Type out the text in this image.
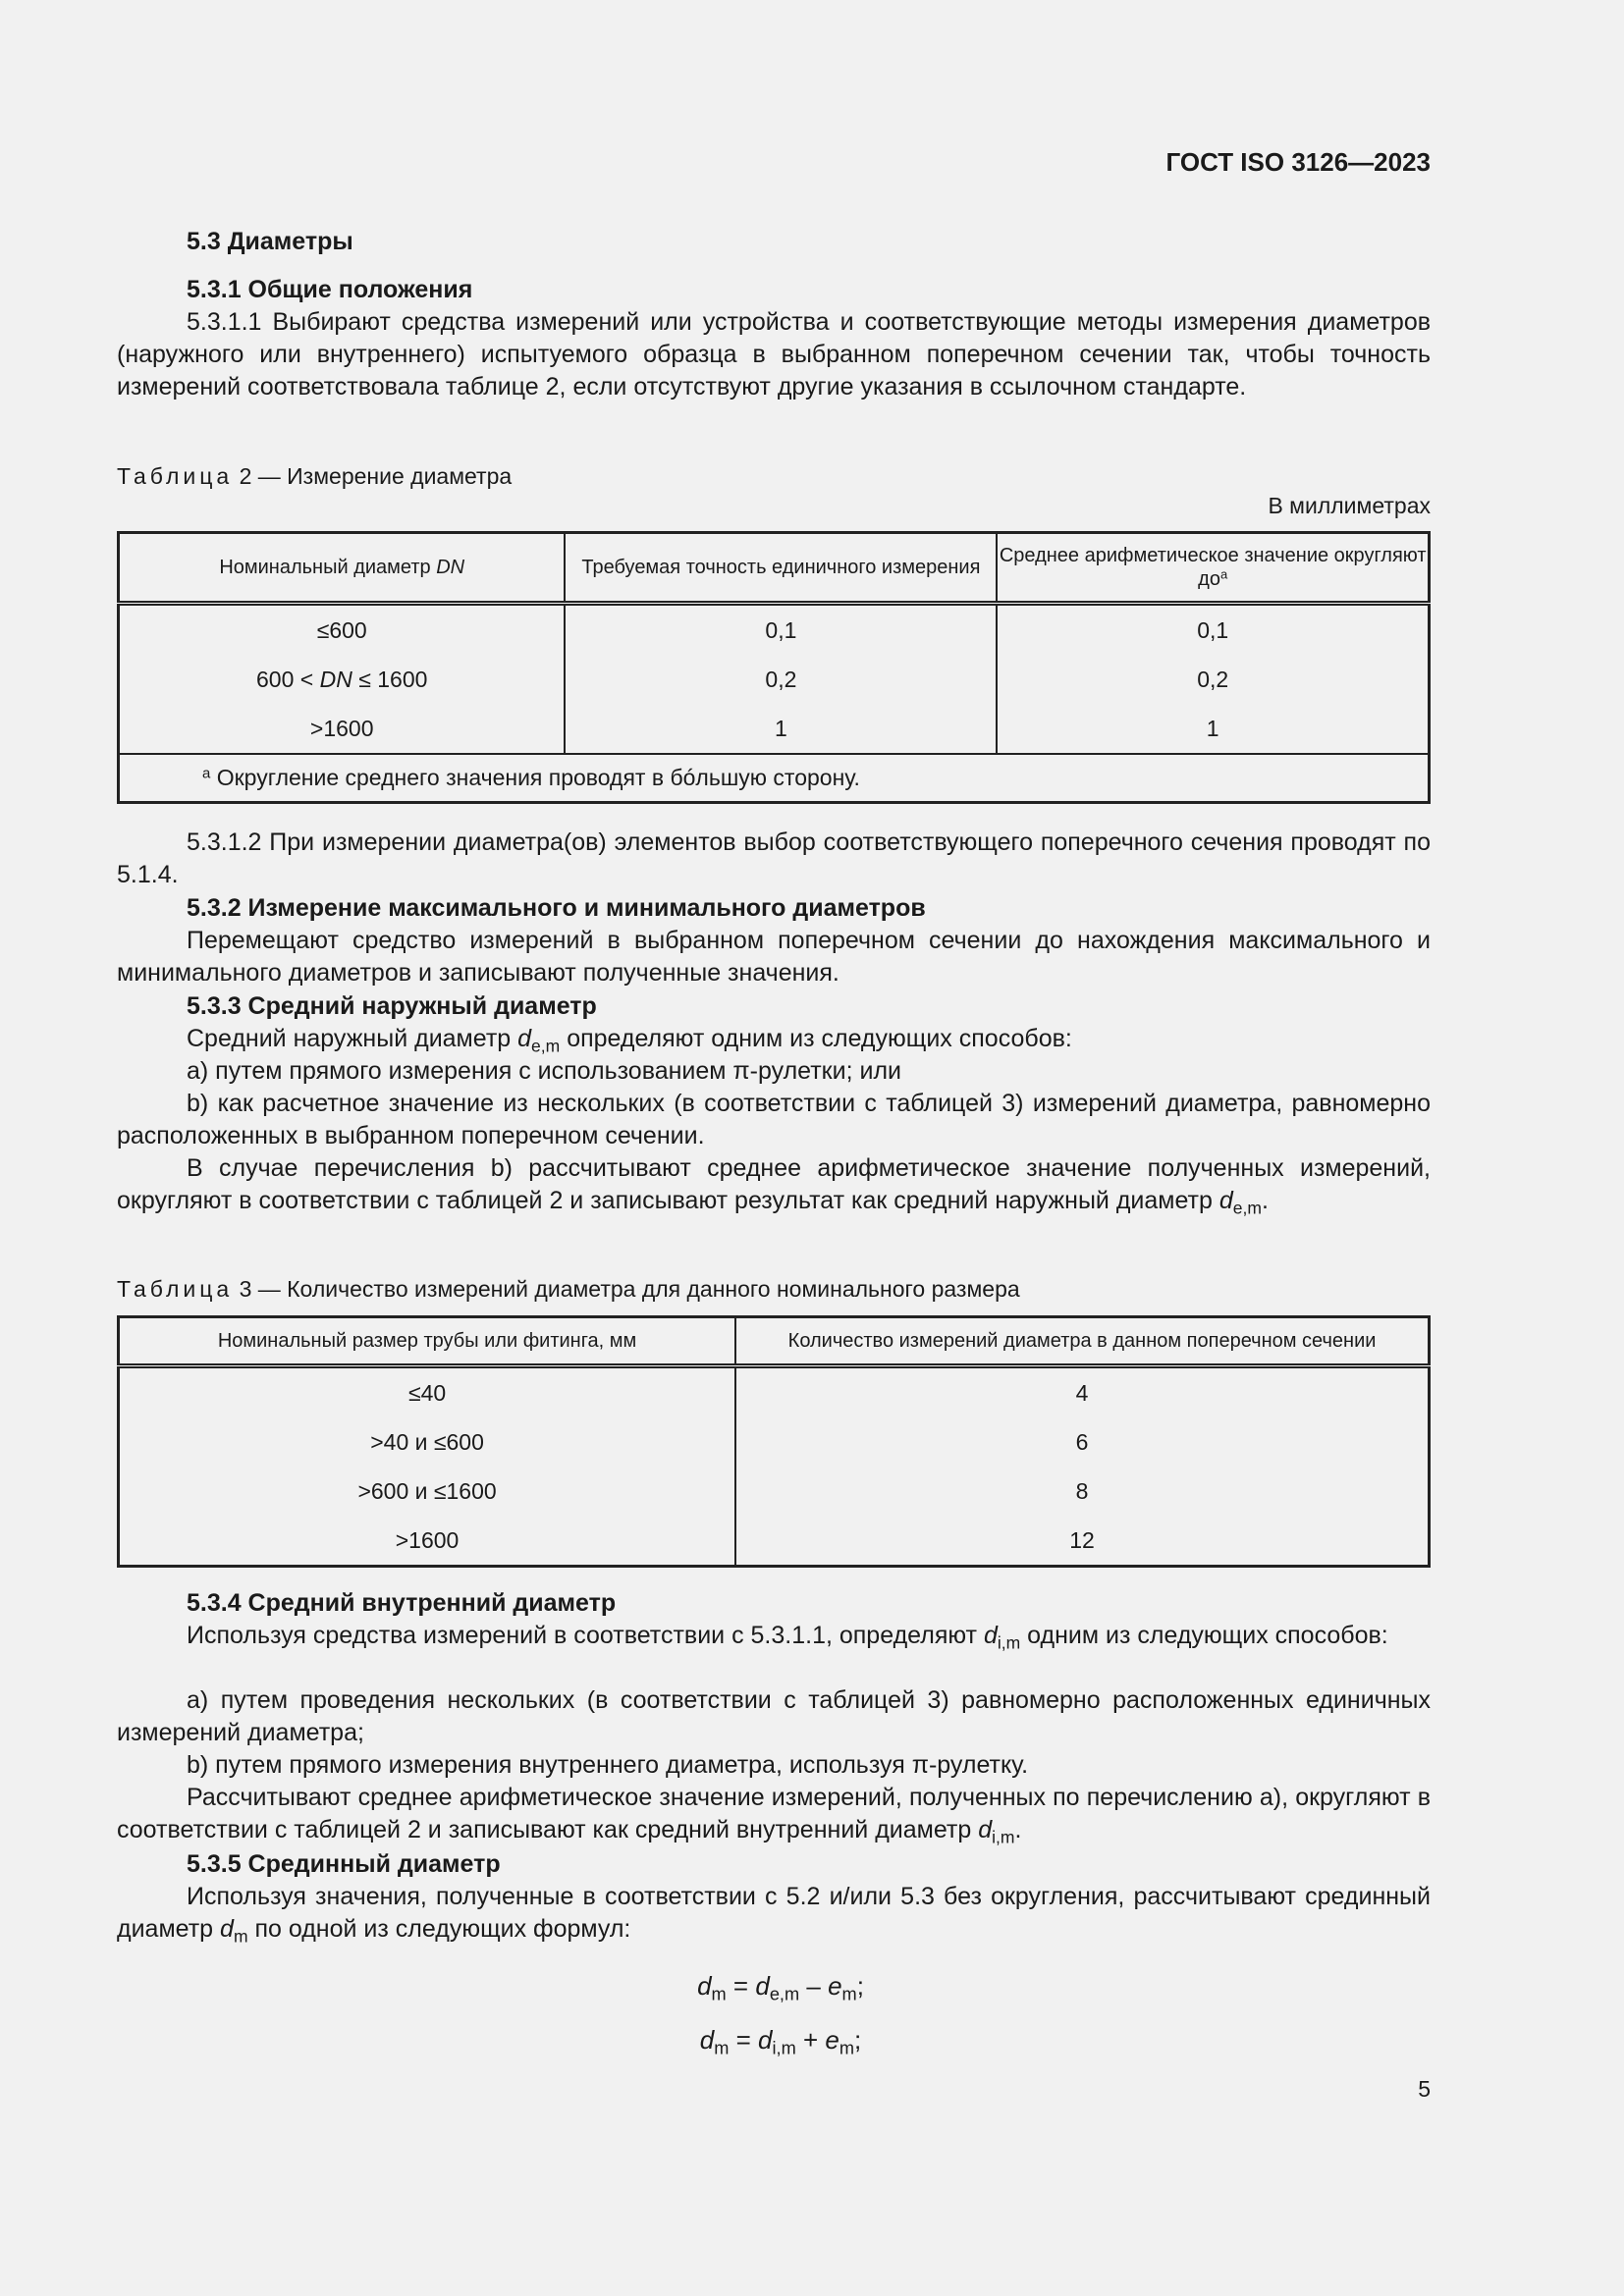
ГОСТ ISO 3126—2023
5.3 Диаметры
5.3.1 Общие положения

5.3.1.1 Выбирают средства измерений или устройства и соответствующие методы измерения диаметров (наружного или внутреннего) испытуемого образца в выбранном поперечном сечении так, чтобы точность измерений соответствовала таблице 2, если отсутствуют другие указания в ссылочном стандарте.

Таблица 2 — Измерение диаметра
В миллиметрах
Номинальный диаметр DN	Требуемая точность единичного измерения	Среднее арифметическое значение округляют $до^a$
≤600	0,1	0,1
600 < DN ≤ 1600	0,2	0,2
>1600	1	1
$^a$ Округление среднего значения проводят в бóльшую сторону.		

5.3.1.2 При измерении диаметра(ов) элементов выбор соответствующего поперечного сечения проводят по 5.1.4.

5.3.2 Измерение максимального и минимального диаметров

Перемещают средство измерений в выбранном поперечном сечении до нахождения максимального и минимального диаметров и записывают полученные значения.

5.3.3 Средний наружный диаметр
Средний наружный диаметр $d_{e,m}$ определяют одним из следующих способов:
a) путем прямого измерения с использованием π-рулетки; или

b) как расчетное значение из нескольких (в соответствии с таблицей 3) измерений диаметра, равномерно расположенных в выбранном поперечном сечении.

В случае перечисления b) рассчитывают среднее арифметическое значение полученных измерений, округляют в соответствии с таблицей 2 и записывают результат как средний наружный диаметр $d_{e,m}$.

Таблица 3 — Количество измерений диаметра для данного номинального размера
Номинальный размер трубы или фитинга, мм	Количество измерений диаметра в данном поперечном сечении
≤40	4
>40 и ≤600	6
>600 и ≤1600	8
>1600	12
5.3.4 Средний внутренний диаметр

Используя средства измерений в соответствии с 5.3.1.1, определяют $d_{i,m}$ одним из следующих способов:

a) путем проведения нескольких (в соответствии с таблицей 3) равномерно расположенных единичных измерений диаметра;

b) путем прямого измерения внутреннего диаметра, используя π-рулетку.

Рассчитывают среднее арифметическое значение измерений, полученных по перечислению a), округляют в соответствии с таблицей 2 и записывают как средний внутренний диаметр $d_{i,m}$.

5.3.5 Срединный диаметр

Используя значения, полученные в соответствии с 5.2 и/или 5.3 без округления, рассчитывают срединный диаметр $d_m$ по одной из следующих формул:

$d_m = d_{e,m} - e_m$;
$d_m = d_{i,m} + e_m$;
5
